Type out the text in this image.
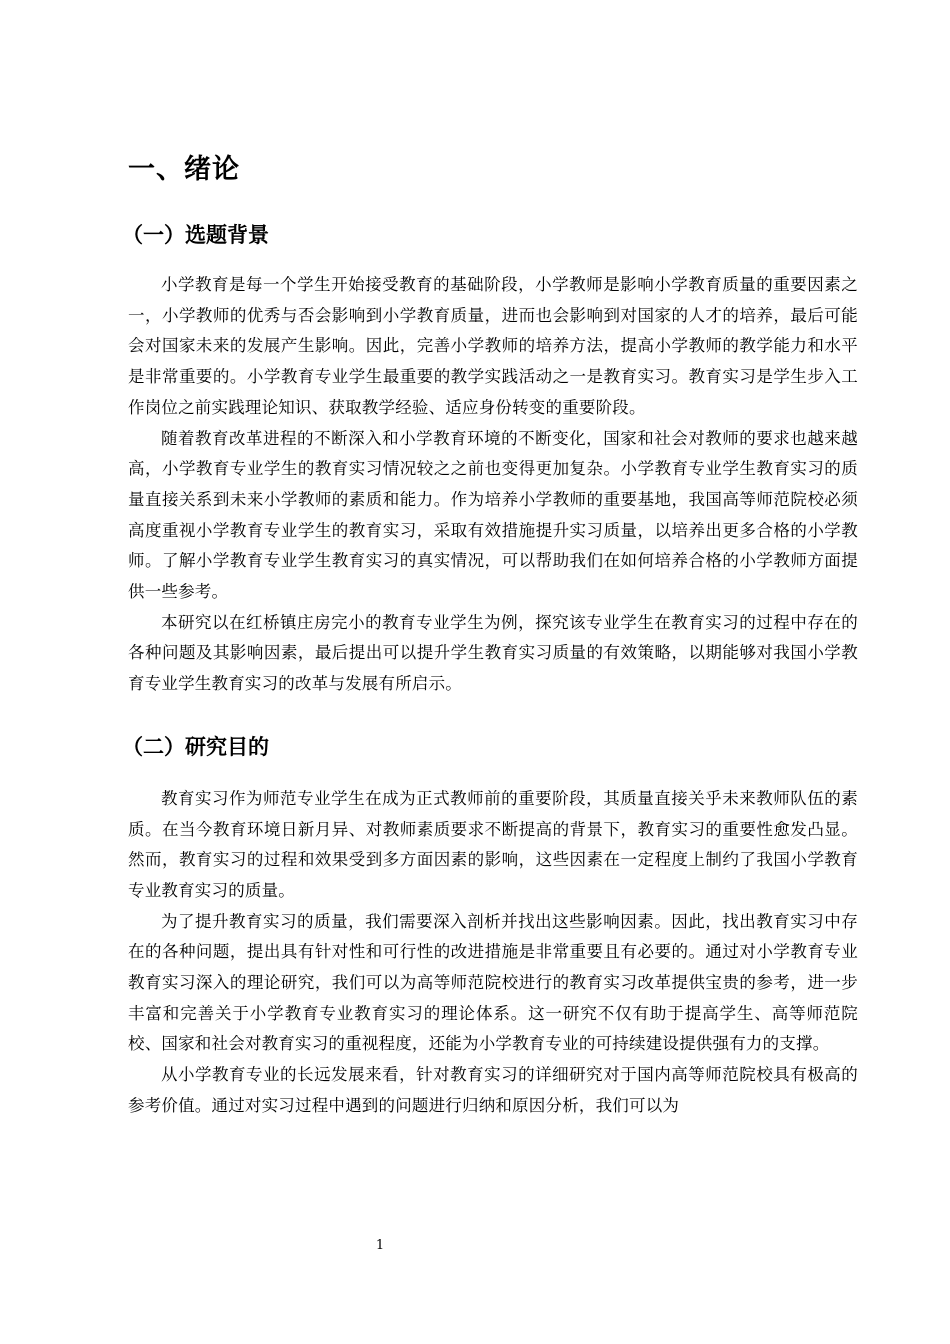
一、绪论
（一）选题背景

小学教育是每一个学生开始接受教育的基础阶段，小学教师是影响小学教育质量的重要因素之一，小学教师的优秀与否会影响到小学教育质量，进而也会影响到对国家的人才的培养，最后可能会对国家未来的发展产生影响。因此，完善小学教师的培养方法，提高小学教师的教学能力和水平是非常重要的。小学教育专业学生最重要的教学实践活动之一是教育实习。教育实习是学生步入工作岗位之前实践理论知识、获取教学经验、适应身份转变的重要阶段。

随着教育改革进程的不断深入和小学教育环境的不断变化，国家和社会对教师的要求也越来越高，小学教育专业学生的教育实习情况较之之前也变得更加复杂。小学教育专业学生教育实习的质量直接关系到未来小学教师的素质和能力。作为培养小学教师的重要基地，我国高等师范院校必须高度重视小学教育专业学生的教育实习，采取有效措施提升实习质量，以培养出更多合格的小学教师。了解小学教育专业学生教育实习的真实情况，可以帮助我们在如何培养合格的小学教师方面提供一些参考。

本研究以在红桥镇庄房完小的教育专业学生为例，探究该专业学生在教育实习的过程中存在的各种问题及其影响因素，最后提出可以提升学生教育实习质量的有效策略，以期能够对我国小学教育专业学生教育实习的改革与发展有所启示。

（二）研究目的

教育实习作为师范专业学生在成为正式教师前的重要阶段，其质量直接关乎未来教师队伍的素质。在当今教育环境日新月异、对教师素质要求不断提高的背景下，教育实习的重要性愈发凸显。然而，教育实习的过程和效果受到多方面因素的影响，这些因素在一定程度上制约了我国小学教育专业教育实习的质量。

为了提升教育实习的质量，我们需要深入剖析并找出这些影响因素。因此，找出教育实习中存在的各种问题，提出具有针对性和可行性的改进措施是非常重要且有必要的。通过对小学教育专业教育实习深入的理论研究，我们可以为高等师范院校进行的教育实习改革提供宝贵的参考，进一步丰富和完善关于小学教育专业教育实习的理论体系。这一研究不仅有助于提高学生、高等师范院校、国家和社会对教育实习的重视程度，还能为小学教育专业的可持续建设提供强有力的支撑。

从小学教育专业的长远发展来看，针对教育实习的详细研究对于国内高等师范院校具有极高的参考价值。通过对实习过程中遇到的问题进行归纳和原因分析，我们可以为

1
